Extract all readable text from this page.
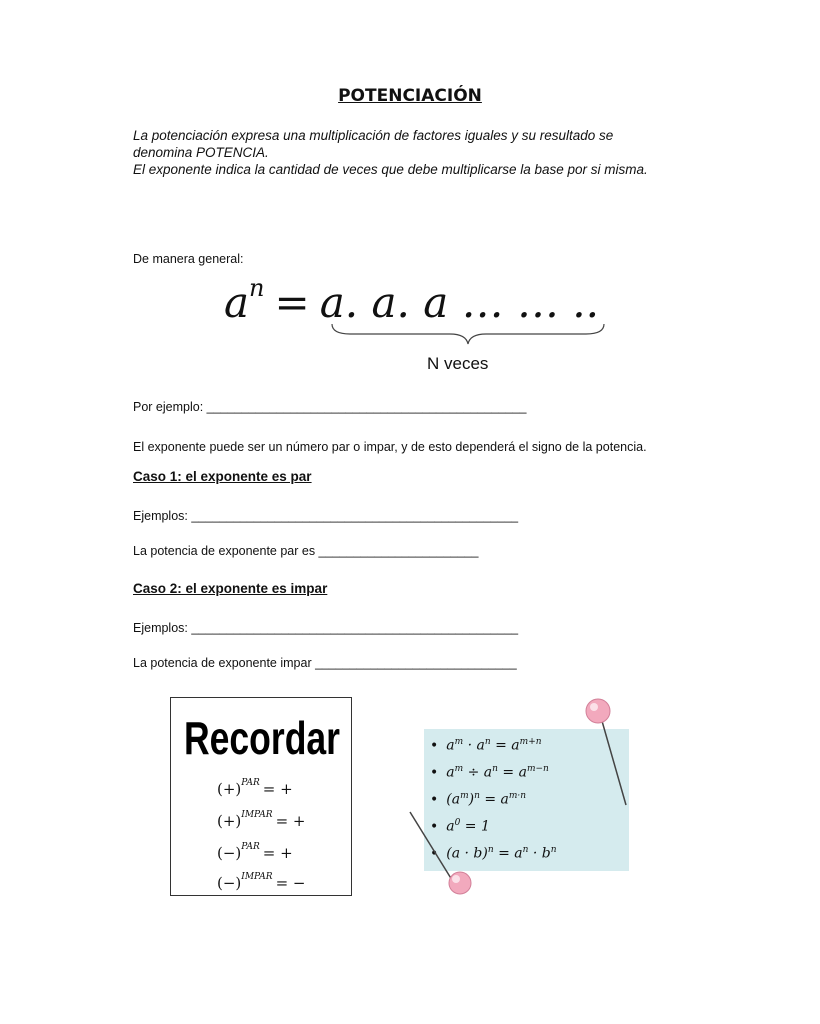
POTENCIACIÓN
La potenciación expresa una multiplicación de factores iguales y su resultado se
denomina POTENCIA.
El exponente indica la cantidad de veces que debe multiplicarse la base por si misma.
De manera general:
$a^n = a$. a. a … … ..
N veces
Por ejemplo: ______________________________________________
El exponente puede ser un número par o impar, y de esto dependerá el signo de la potencia.
Caso 1: el exponente es par
Ejemplos: _______________________________________________
La potencia de exponente par es _______________________
Caso 2: el exponente es impar
Ejemplos: _______________________________________________
La potencia de exponente impar _____________________________
Recordar
$(+)^{PAR}$ = +
$(+)^{IMPAR}$ = +
$(-)^{PAR}$ = +
$(-)^{IMPAR}$ = −
• $a^m \cdot a^n = a^{m+n}$
• $a^m \div a^n = a^{m-n}$
• $(a^m)^n = a^{m\cdot n}$
• $a^0 = 1$
• $(a \cdot b)^n = a^n \cdot b^n$
